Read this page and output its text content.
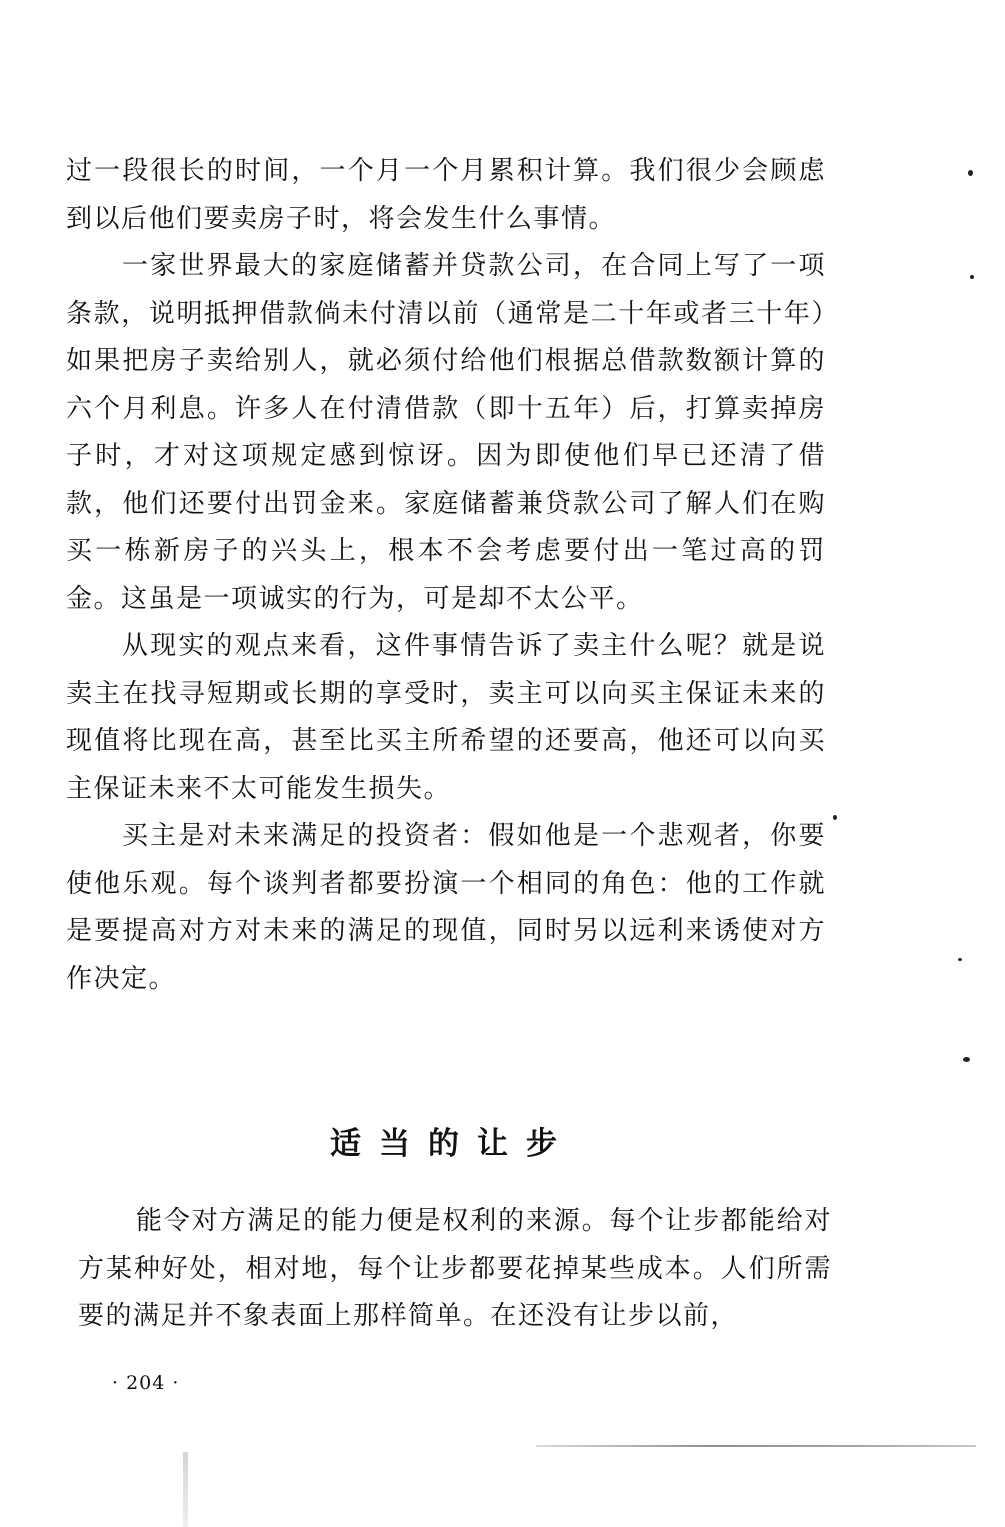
过一段很长的时间，一个月一个月累积计算。我们很少会顾虑到以后他们要卖房子时，将会发生什么事情。

一家世界最大的家庭储蓄并贷款公司，在合同上写了一项条款，说明抵押借款倘未付清以前（通常是二十年或者三十年）如果把房子卖给别人，就必须付给他们根据总借款数额计算的六个月利息。许多人在付清借款（即十五年）后，打算卖掉房子时，才对这项规定感到惊讶。因为即使他们早已还清了借款，他们还要付出罚金来。家庭储蓄兼贷款公司了解人们在购买一栋新房子的兴头上，根本不会考虑要付出一笔过高的罚金。这虽是一项诚实的行为，可是却不太公平。

从现实的观点来看，这件事情告诉了卖主什么呢？就是说卖主在找寻短期或长期的享受时，卖主可以向买主保证未来的现值将比现在高，甚至比买主所希望的还要高，他还可以向买主保证未来不太可能发生损失。

买主是对未来满足的投资者：假如他是一个悲观者，你要使他乐观。每个谈判者都要扮演一个相同的角色：他的工作就是要提高对方对未来的满足的现值，同时另以远利来诱使对方作决定。

适当的让步

能令对方满足的能力便是权利的来源。每个让步都能给对方某种好处，相对地，每个让步都要花掉某些成本。人们所需要的满足并不象表面上那样简单。在还没有让步以前，

· 204 ·
